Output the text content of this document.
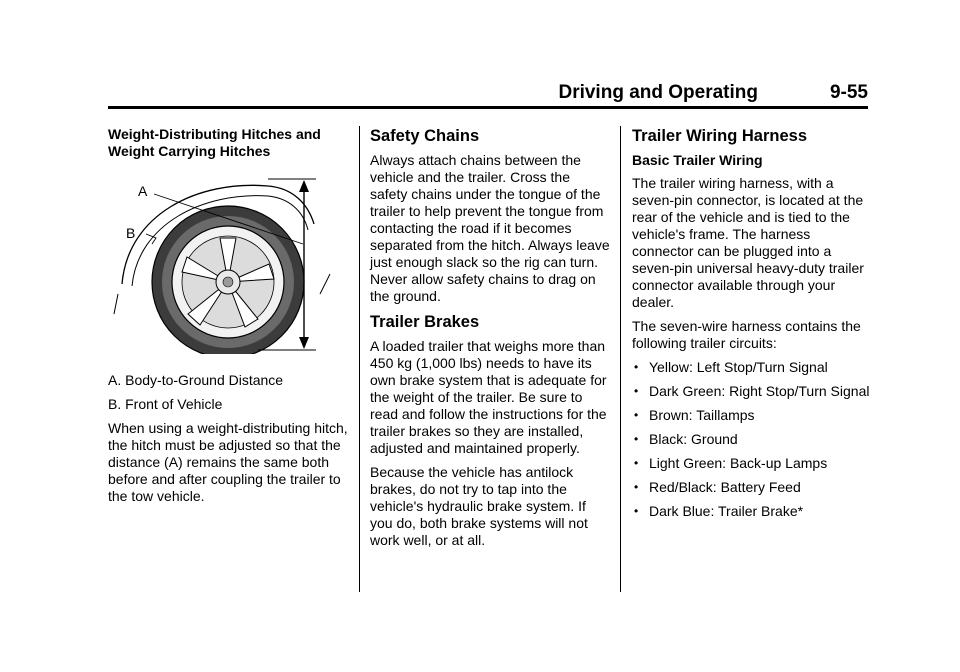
Driving and Operating	9-55
Weight-Distributing Hitches and Weight Carrying Hitches
A
B

A. Body-to-Ground Distance

B. Front of Vehicle

When using a weight-distributing hitch, the hitch must be adjusted so that the distance (A) remains the same both before and after coupling the trailer to the tow vehicle.

Safety Chains

Always attach chains between the vehicle and the trailer. Cross the safety chains under the tongue of the trailer to help prevent the tongue from contacting the road if it becomes separated from the hitch. Always leave just enough slack so the rig can turn. Never allow safety chains to drag on the ground.

Trailer Brakes

A loaded trailer that weighs more than 450 kg (1,000 lbs) needs to have its own brake system that is adequate for the weight of the trailer. Be sure to read and follow the instructions for the trailer brakes so they are installed, adjusted and maintained properly.

Because the vehicle has antilock brakes, do not try to tap into the vehicle's hydraulic brake system. If you do, both brake systems will not work well, or at all.

Trailer Wiring Harness
Basic Trailer Wiring

The trailer wiring harness, with a seven-pin connector, is located at the rear of the vehicle and is tied to the vehicle's frame. The harness connector can be plugged into a seven-pin universal heavy-duty trailer connector available through your dealer.

The seven-wire harness contains the following trailer circuits:

• Yellow: Left Stop/Turn Signal
• Dark Green: Right Stop/Turn Signal
• Brown: Taillamps
• Black: Ground
• Light Green: Back-up Lamps
• Red/Black: Battery Feed
• Dark Blue: Trailer Brake*
